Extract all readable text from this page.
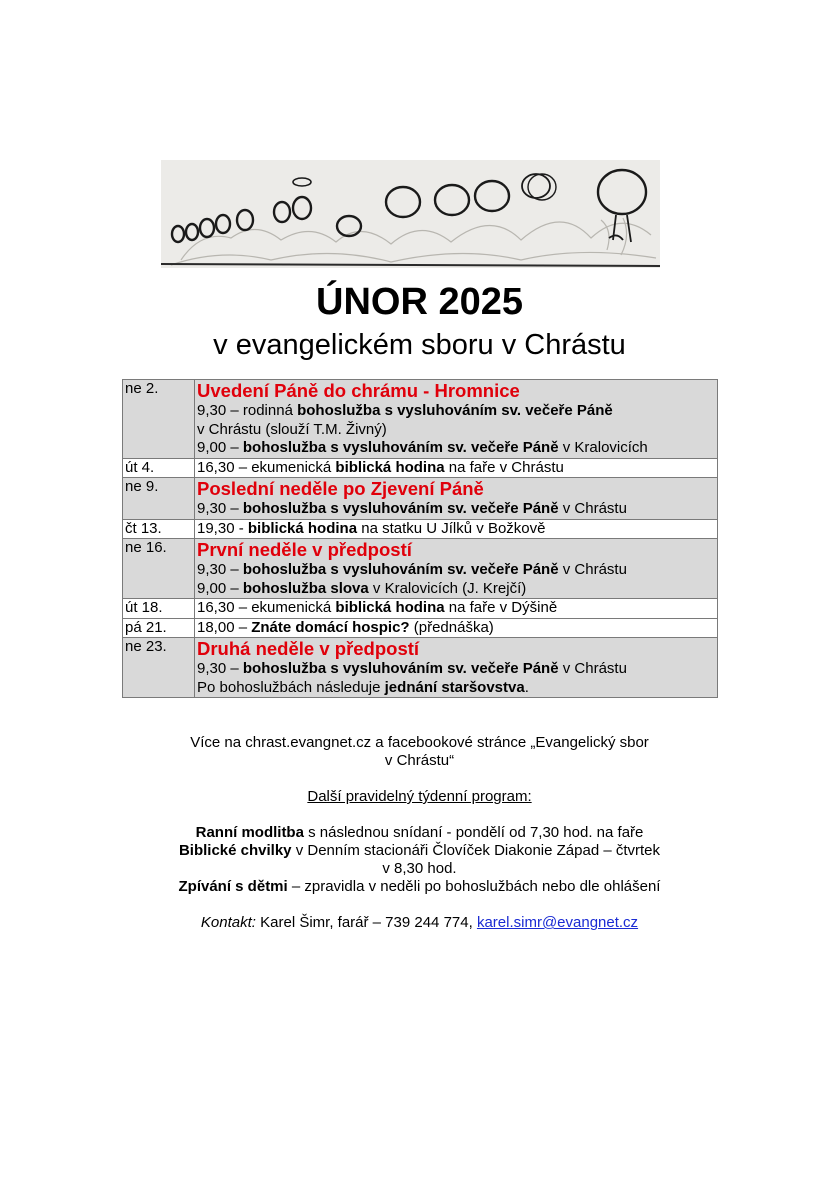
ÚNOR 2025
v evangelickém sboru v Chrástu
ne 2.	Uvedení Páně do chrámu - Hromnice
9,30 – rodinná bohoslužba s vysluhováním sv. večeře Páně
v Chrástu (slouží T.M. Živný)
9,00 – bohoslužba s vysluhováním sv. večeře Páně v Kralovicích

út 4.	16,30 – ekumenická biblická hodina na faře v Chrástu

ne 9.	Poslední neděle po Zjevení Páně
9,30 – bohoslužba s vysluhováním sv. večeře Páně v Chrástu

čt 13.	19,30 - biblická hodina na statku U Jílků v Božkově

ne 16.	První neděle v předpostí
9,30 – bohoslužba s vysluhováním sv. večeře Páně v Chrástu
9,00 – bohoslužba slova v Kralovicích (J. Krejčí)

út 18.	16,30 – ekumenická biblická hodina na faře v Dýšině

pá 21.	18,00 – Znáte domácí hospic? (přednáška)

ne 23.	Druhá neděle v předpostí
9,30 – bohoslužba s vysluhováním sv. večeře Páně v Chrástu
Po bohoslužbách následuje jednání staršovstva.

Více na chrast.evangnet.cz a facebookové stránce „Evangelický sbor

v Chrástu“

Další pravidelný týdenní program:

Ranní modlitba s následnou snídaní - pondělí od 7,30 hod. na faře

Biblické chvilky v Denním stacionáři Človíček Diakonie Západ – čtvrtek

v 8,30 hod.

Zpívání s dětmi – zpravidla v neděli po bohoslužbách nebo dle ohlášení

Kontakt: Karel Šimr, farář – 739 244 774, karel.simr@evangnet.cz
